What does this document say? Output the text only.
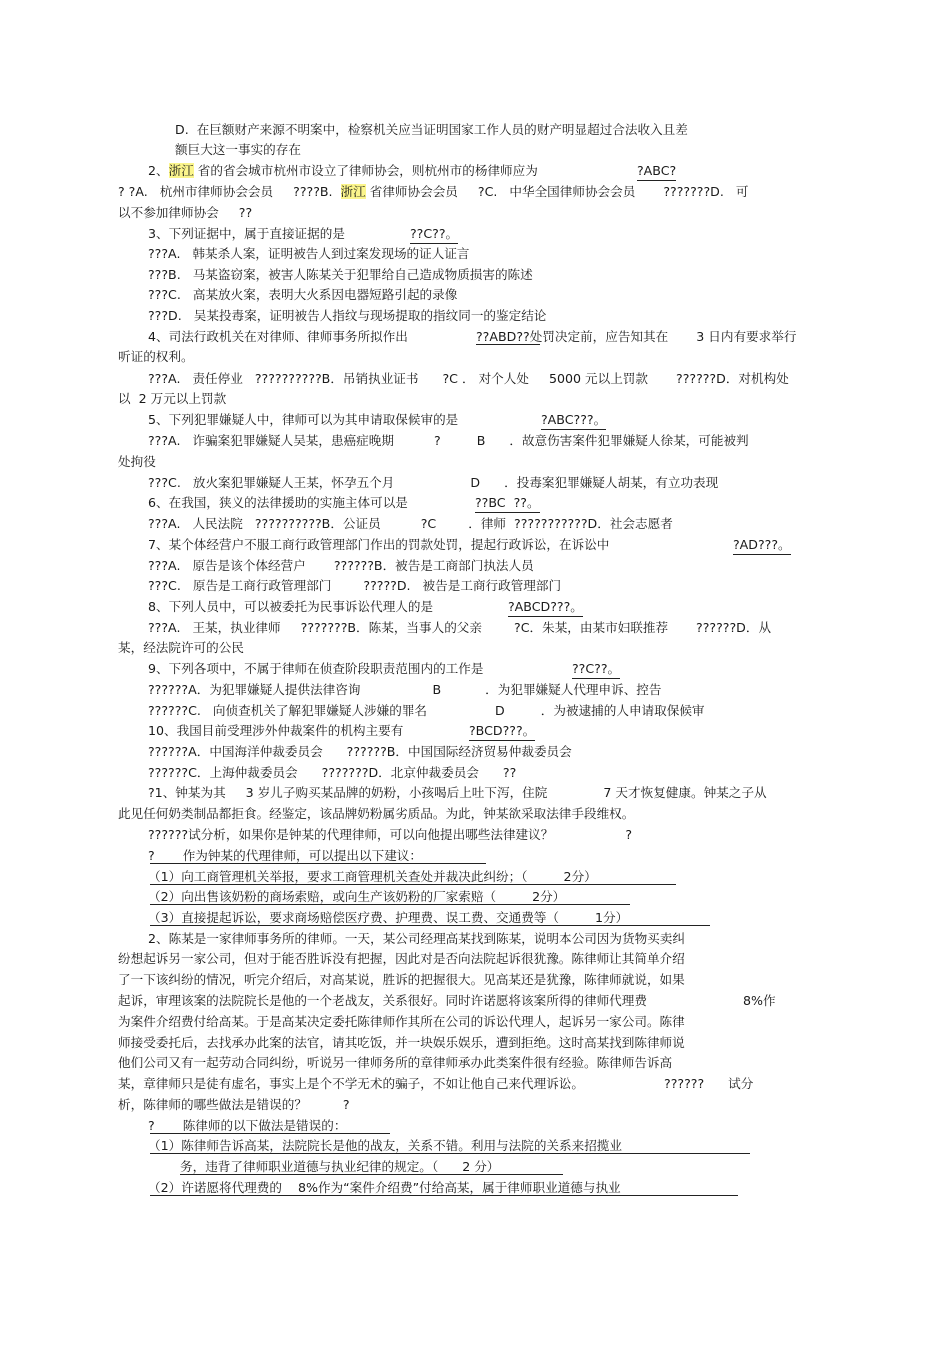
D.  在巨额财产来源不明案中，检察机关应当证明国家工作人员的财产明显超过合法收入且差
额巨大这一事实的存在
2、浙江 省的省会城市杭州市设立了律师协会，则杭州市的杨律师应为	?ABC?
? ?A.   杭州市律师协会会员     ????B.  浙江 省律师协会会员     ?C.   中华全国律师协会会员       ???????D.   可
以不参加律师协会     ??
3、下列证据中，属于直接证据的是	??C??。
???A.   韩某杀人案，证明被告人到过案发现场的证人证言
???B.   马某盗窃案，被害人陈某关于犯罪给自己造成物质损害的陈述
???C.   高某放火案，表明大火系因电器短路引起的录像
???D.   吴某投毒案，证明被告人指纹与现场提取的指纹同一的鉴定结论
4、司法行政机关在对律师、律师事务所拟作出	??ABD??处罚决定前，应告知其在       3 日内有要求举行
听证的权利。
???A.   责任停业   ??????????B．吊销执业证书      ?C ． 对个人处     5000 元以上罚款       ??????D．对机构处
以  2 万元以上罚款
5、下列犯罪嫌疑人中，律师可以为其申请取保候审的是	?ABC???。
???A.   诈骗案犯罪嫌疑人吴某，患癌症晚期          ?         B      ．故意伤害案件犯罪嫌疑人徐某，可能被判
处拘役
???C.   放火案犯罪嫌疑人王某，怀孕五个月                   D      ．投毒案犯罪嫌疑人胡某，有立功表现
6、在我国，狭义的法律援助的实施主体可以是	??BC  ??。
???A.   人民法院   ??????????B．公证员          ?C        ．律师  ???????????D．社会志愿者
7、某个体经营户不服工商行政管理部门作出的罚款处罚，提起行政诉讼，在诉讼中	?AD???。
???A.   原告是该个体经营户       ??????B．被告是工商部门执法人员
???C.   原告是工商行政管理部门        ?????D.   被告是工商行政管理部门
8、下列人员中，可以被委托为民事诉讼代理人的是	?ABCD???。
???A.   王某，执业律师     ???????B．陈某，当事人的父亲        ?C．朱某，由某市妇联推荐       ??????D．从
某，经法院许可的公民
9、下列各项中，不属于律师在侦查阶段职责范围内的工作是	??C??。
??????A．为犯罪嫌疑人提供法律咨询                  B           ．为犯罪嫌疑人代理申诉、控告
??????C.   向侦查机关了解犯罪嫌疑人涉嫌的罪名                 D         ．为被逮捕的人申请取保候审
10、我国目前受理涉外仲裁案件的机构主要有	?BCD???。
??????A．中国海洋仲裁委员会      ??????B．中国国际经济贸易仲裁委员会
??????C．上海仲裁委员会      ???????D．北京仲裁委员会      ??
?1、钟某为其     3 岁儿子购买某品牌的奶粉，小孩喝后上吐下泻，住院              7 天才恢复健康。钟某之子从
此见任何奶类制品都拒食。经鉴定，该品牌奶粉属劣质品。为此，钟某欲采取法律手段维权。
??????试分析，如果你是钟某的代理律师，可以向他提出哪些法律建议？                  ?
?       作为钟某的代理律师，可以提出以下建议：
（1）向工商管理机关举报，要求工商管理机关查处并裁决此纠纷；（         2分）
（2）向出售该奶粉的商场索赔，或向生产该奶粉的厂家索赔（         2分）
（3）直接提起诉讼，要求商场赔偿医疗费、护理费、误工费、交通费等（         1分）
2、陈某是一家律师事务所的律师。一天，某公司经理高某找到陈某，说明本公司因为货物买卖纠
纷想起诉另一家公司，但对于能否胜诉没有把握，因此对是否向法院起诉很犹豫。陈律师让其简单介绍
了一下该纠纷的情况，听完介绍后，对高某说，胜诉的把握很大。见高某还是犹豫，陈律师就说，如果
起诉，审理该案的法院院长是他的一个老战友，关系很好。同时许诺愿将该案所得的律师代理费                        8%作
为案件介绍费付给高某。于是高某决定委托陈律师作其所在公司的诉讼代理人，起诉另一家公司。陈律
师接受委托后，去找承办此案的法官，请其吃饭，并一块娱乐娱乐，遭到拒绝。这时高某找到陈律师说
他们公司又有一起劳动合同纠纷，听说另一律师务所的章律师承办此类案件很有经验。陈律师告诉高
某，章律师只是徒有虚名，事实上是个不学无术的骗子，不如让他自己来代理诉讼。                    ??????      试分
析，陈律师的哪些做法是错误的？         ?
?       陈律师的以下做法是错误的：
（1）陈律师告诉高某，法院院长是他的战友，关系不错。利用与法院的关系来招揽业
务，违背了律师职业道德与执业纪律的规定。（      2 分）
（2）许诺愿将代理费的    8%作为“案件介绍费”付给高某，属于律师职业道德与执业
